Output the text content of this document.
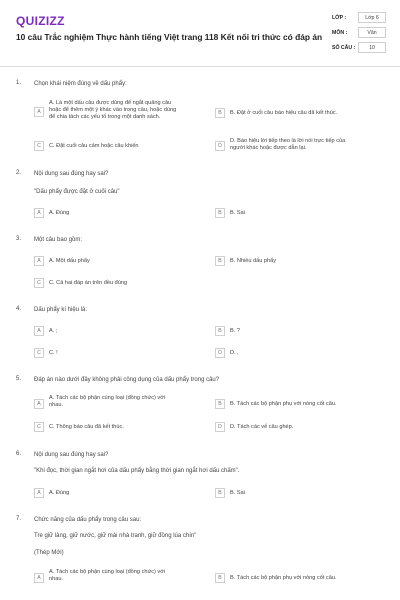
QUIZIZZ
10 câu Trắc nghiệm Thực hành tiếng Việt trang 118 Kết nối tri thức có đáp án
LỚP :	Lớp 6
MÔN :	Văn
SỐ CÂU :	10
1. Chọn khái niệm đúng về dấu phẩy:
A
A. Là một dấu câu được dùng để ngắt quãng câu
hoặc để thêm một ý khác vào trong câu, hoặc dùng
để chia tách các yếu tố trong một danh sách.
B	B. Đặt ở cuối câu báo hiệu câu đã kết thúc.
C	C. Đặt cuối câu cảm hoặc câu khiến	D
D. Báo hiệu lời tiếp theo là lời nói trực tiếp của
người khác hoặc được dẫn lại.
2. Nội dung sau đúng hay sai?
"Dấu phẩy được đặt ở cuối câu"
A	A. Đúng	B	B. Sai
3. Một câu bao gồm:
A	A. Một dấu phẩy	B	B. Nhiều dấu phẩy
C	C. Cả hai đáp án trên đều đúng
4. Dấu phẩy kí hiệu là:
A	A. ;	B	B. ?
C	C. !	D	D. ,
5. Đáp án nào dưới đây không phải công dụng của dấu phẩy trong câu?
A
A. Tách các bộ phận cùng loại (đồng chức) với
nhau.	B	B. Tách các bộ phận phụ với nòng cốt câu.
C	C. Thông báo câu đã kết thúc.	D	D. Tách các vế câu ghép.
6. Nội dung sau đúng hay sai?
"Khi đọc, thời gian ngắt hơi của dấu phẩy bằng thời gian ngắt hơi dấu chấm".
A	A. Đúng	B	B. Sai
7. Chức năng của dấu phẩy trong câu sau:
Tre giữ làng, giữ nước, giữ mái nhà tranh, giữ đồng lúa chín"
(Thép Mới)
A
A. Tách các bộ phận cùng loại (đồng chức) với
nhau.	B	B. Tách các bộ phận phụ với nòng cốt câu.
